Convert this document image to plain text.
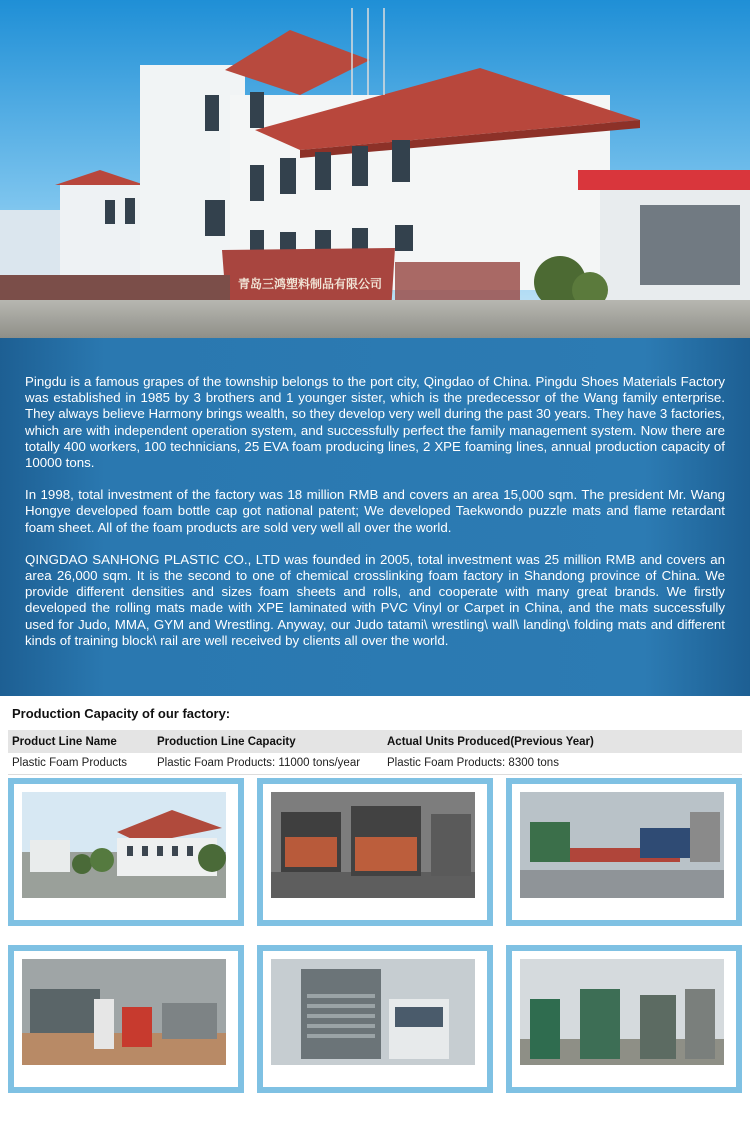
青岛三鸿塑料制品有限公司

Pingdu is a famous grapes of the township belongs to the port city, Qingdao of China. Pingdu Shoes Materials Factory was established in 1985 by 3 brothers and 1 younger sister, which is the predecessor of the Wang family enterprise. They always believe Harmony brings wealth, so they develop very well during the past 30 years. They have 3 factories, which are with independent operation system, and successfully perfect the family management system. Now there are totally 400 workers, 100 technicians, 25 EVA foam producing lines, 2 XPE foaming lines, annual production capacity of 10000 tons.

In 1998, total investment of the factory was 18 million RMB and covers an area 15,000 sqm. The president Mr. Wang Hongye developed foam bottle cap got national patent; We developed Taekwondo puzzle mats and flame retardant foam sheet. All of the foam products are sold very well all over the world.

QINGDAO SANHONG PLASTIC CO., LTD was founded in 2005, total investment was 25 million RMB and covers an area 26,000 sqm. It is the second to one of chemical crosslinking foam factory in Shandong province of China. We provide different densities and sizes foam sheets and rolls, and cooperate with many great brands. We firstly developed the rolling mats made with XPE laminated with PVC Vinyl or Carpet in China, and the mats successfully used for Judo, MMA, GYM and Wrestling. Anyway, our Judo tatami\ wrestling\ wall\ landing\ folding mats and different kinds of training block\ rail are well received by clients all over the world.

Production Capacity of our factory:
Product Line Name	Production Line Capacity	Actual Units Produced(Previous Year)
Plastic Foam Products	Plastic Foam Products: 11000 tons/year	Plastic Foam Products: 8300 tons
